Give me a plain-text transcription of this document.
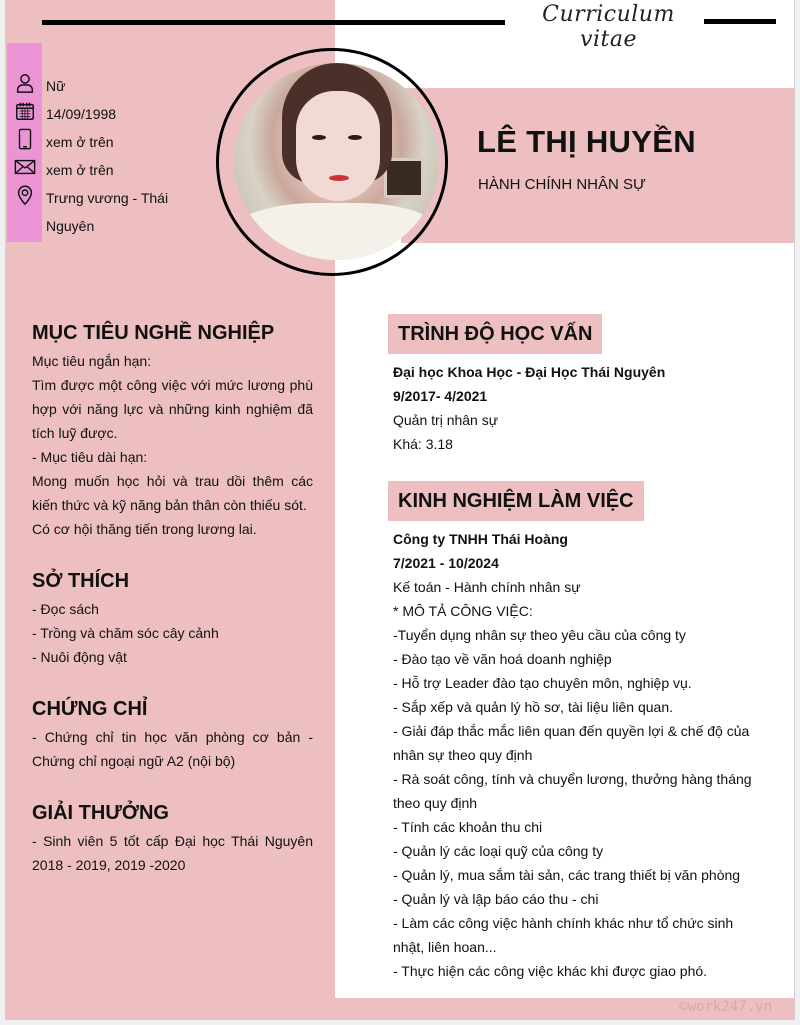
Curriculum vitae
Nữ
14/09/1998
xem ở trên
xem ở trên
Trưng vương - Thái
Nguyên
LÊ THỊ HUYỀN
HÀNH CHÍNH NHÂN SỰ
MỤC TIÊU NGHỀ NGHIỆP
Mục tiêu ngắn hạn:
Tìm được một công việc với mức lương phù hợp với năng lực và những kinh nghiệm đã tích luỹ được.
- Mục tiêu dài hạn:
Mong muốn học hỏi và trau dồi thêm các kiến thức và kỹ năng bản thân còn thiếu sót.
Có cơ hội thăng tiến trong lương lai.
SỞ THÍCH
- Đọc sách
- Trồng và chăm sóc cây cảnh
- Nuôi động vật
CHỨNG CHỈ
- Chứng chỉ tin học văn phòng cơ bản - Chứng chỉ ngoại ngữ A2 (nội bộ)
GIẢI THƯỞNG
- Sinh viên 5 tốt cấp Đại học Thái Nguyên 2018 - 2019, 2019 -2020
TRÌNH ĐỘ HỌC VẤN
Đại học Khoa Học - Đại Học Thái Nguyên
9/2017- 4/2021
Quản trị nhân sự
Khá: 3.18
KINH NGHIỆM LÀM VIỆC
Công ty TNHH Thái Hoàng
7/2021 - 10/2024
Kế toán - Hành chính nhân sự
* MÔ TẢ CÔNG VIỆC:
-Tuyển dụng nhân sự theo yêu cầu của công ty
- Đào tạo về văn hoá doanh nghiệp
- Hỗ trợ Leader đào tạo chuyên môn, nghiệp vụ.
- Sắp xếp và quản lý hồ sơ, tài liệu liên quan.
- Giải đáp thắc mắc liên quan đến quyền lợi & chế độ của nhân sự theo quy định
- Rà soát công, tính và chuyển lương, thưởng hàng tháng theo quy định
- Tính các khoản thu chi
- Quản lý các loại quỹ của công ty
- Quản lý, mua sắm tài sản, các trang thiết bị văn phòng
- Quản lý và lập báo cáo thu - chi
- Làm các công việc hành chính khác như tổ chức sinh nhật, liên hoan...
- Thực hiện các công việc khác khi được giao phó.
©work247.vn
